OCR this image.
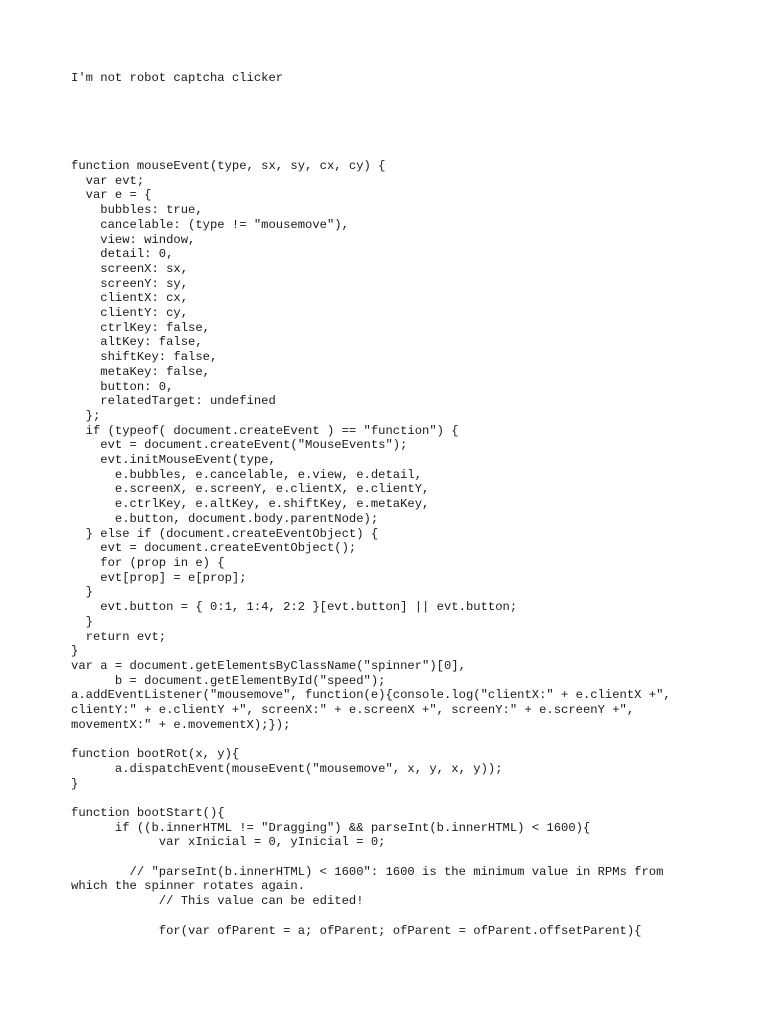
I'm not robot captcha clicker
function mouseEvent(type, sx, sy, cx, cy) {
var evt;
var e = {
bubbles: true,
cancelable: (type != "mousemove"),
view: window,
detail: 0,
screenX: sx,
screenY: sy,
clientX: cx,
clientY: cy,
ctrlKey: false,
altKey: false,
shiftKey: false,
metaKey: false,
button: 0,
relatedTarget: undefined
};
if (typeof( document.createEvent ) == "function") {
evt = document.createEvent("MouseEvents");
evt.initMouseEvent(type,
e.bubbles, e.cancelable, e.view, e.detail,
e.screenX, e.screenY, e.clientX, e.clientY,
e.ctrlKey, e.altKey, e.shiftKey, e.metaKey,
e.button, document.body.parentNode);
} else if (document.createEventObject) {
evt = document.createEventObject();
for (prop in e) {
evt[prop] = e[prop];
}
evt.button = { 0:1, 1:4, 2:2 }[evt.button] || evt.button;
}
return evt;
}
var a = document.getElementsByClassName("spinner")[0],
b = document.getElementById("speed");
a.addEventListener("mousemove", function(e){console.log("clientX:" + e.clientX +",
clientY:" + e.clientY +", screenX:" + e.screenX +", screenY:" + e.screenY +",
movementX:" + e.movementX);});
function bootRot(x, y){
a.dispatchEvent(mouseEvent("mousemove", x, y, x, y));
}
function bootStart(){
if ((b.innerHTML != "Dragging") && parseInt(b.innerHTML) < 1600){
var xInicial = 0, yInicial = 0;
// "parseInt(b.innerHTML) < 1600": 1600 is the minimum value in RPMs from
which the spinner rotates again.
// This value can be edited!
for(var ofParent = a; ofParent; ofParent = ofParent.offsetParent){
